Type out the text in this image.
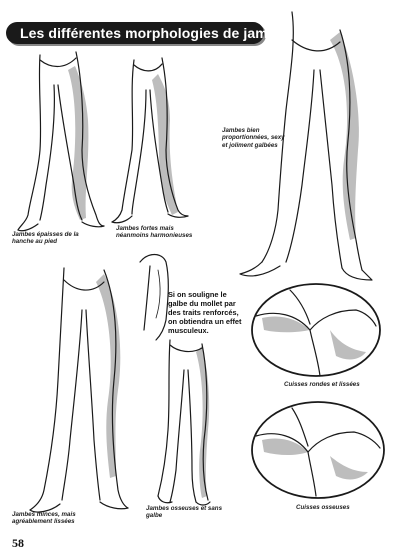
Les différentes morphologies de jambes
Jambes épaisses de la hanche au pied
Jambes fortes mais néanmoins harmonieuses
Jambes bien proportionnées, sexy et joliment galbées
Si on souligne le galbe du mollet par des traits renforcés, on obtiendra un effet musculeux.
Cuisses rondes et lissées
Jambes minces, mais agréablement lissées
Jambes osseuses et sans galbe
Cuisses osseuses
58
